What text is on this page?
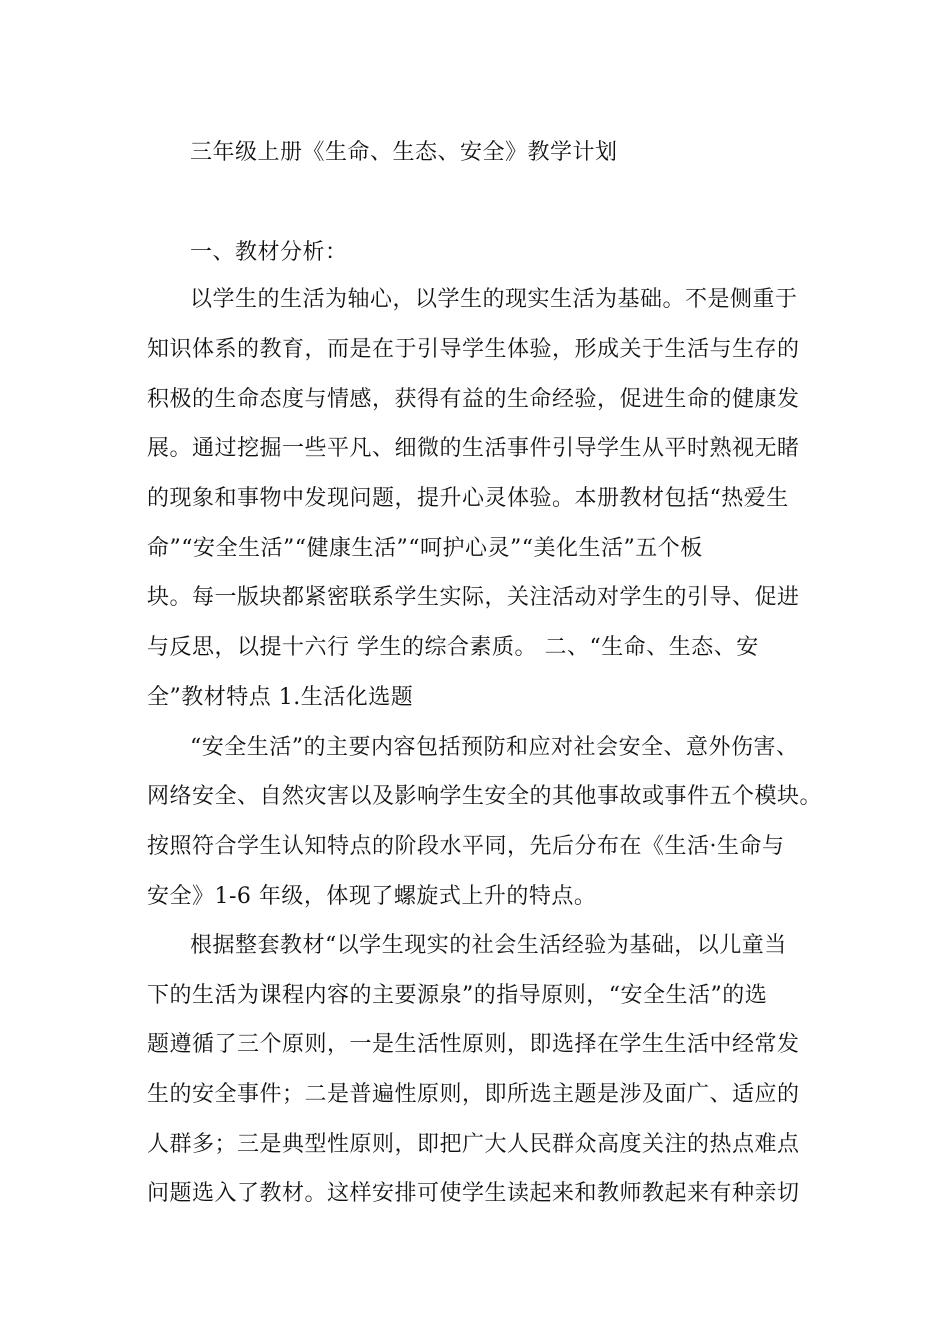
三年级上册《生命、生态、安全》教学计划
一、教材分析：
以学生的生活为轴心，以学生的现实生活为基础。不是侧重于
知识体系的教育，而是在于引导学生体验，形成关于生活与生存的
积极的生命态度与情感，获得有益的生命经验，促进生命的健康发
展。通过挖掘一些平凡、细微的生活事件引导学生从平时熟视无睹
的现象和事物中发现问题，提升心灵体验。本册教材包括“热爱生
命”“安全生活”“健康生活”“呵护心灵”“美化生活”五个板
块。每一版块都紧密联系学生实际，关注活动对学生的引导、促进
与反思，以提十六行 学生的综合素质。 二、“生命、生态、安
全”教材特点 1.生活化选题
“安全生活”的主要内容包括预防和应对社会安全、意外伤害、
网络安全、自然灾害以及影响学生安全的其他事故或事件五个模块。
按照符合学生认知特点的阶段水平同，先后分布在《生活·生命与
安全》1-6 年级，体现了螺旋式上升的特点。
根据整套教材“以学生现实的社会生活经验为基础，以儿童当
下的生活为课程内容的主要源泉”的指导原则，“安全生活”的选
题遵循了三个原则，一是生活性原则，即选择在学生生活中经常发
生的安全事件；二是普遍性原则，即所选主题是涉及面广、适应的
人群多；三是典型性原则，即把广大人民群众高度关注的热点难点
问题选入了教材。这样安排可使学生读起来和教师教起来有种亲切
